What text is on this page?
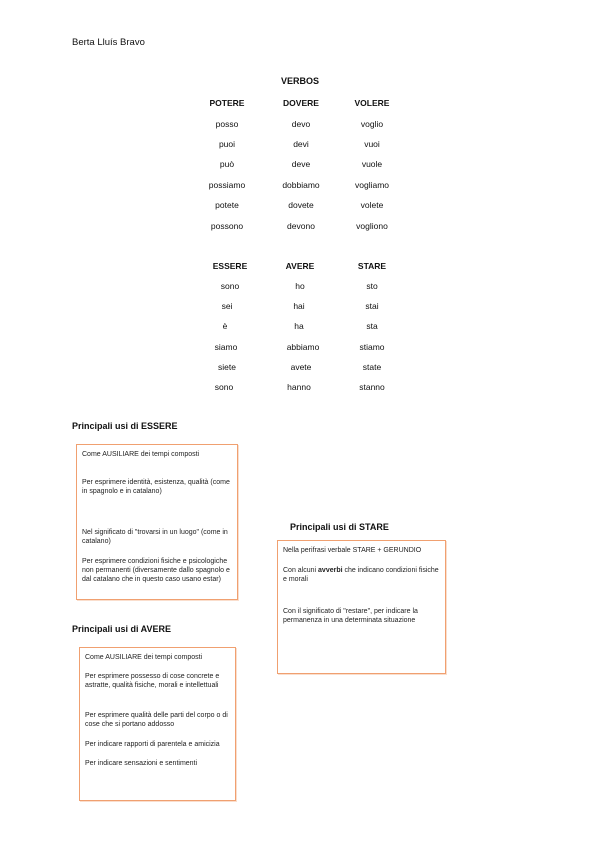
Berta Lluís Bravo
VERBOS
POTERE	DOVERE	VOLERE
posso	devo	voglio
puoi	devi	vuoi
può	deve	vuole
possiamo	dobbiamo	vogliamo
potete	dovete	volete
possono	devono	vogliono
ESSERE	AVERE	STARE
sono	ho	sto
sei	hai	stai
è	ha	sta
siamo	abbiamo	stiamo
siete	avete	state
sono	hanno	stanno
Principali usi di ESSERE
Come AUSILIARE dei tempi composti
Per esprimere identità, esistenza, qualità (come in spagnolo e in catalano)
Nel significato di "trovarsi in un luogo" (come in catalano)
Per esprimere condizioni fisiche e psicologiche non permanenti (diversamente dallo spagnolo e dal catalano che in questo caso usano estar)
Principali usi di STARE
Nella perifrasi verbale STARE + GERUNDIO
Con alcuni avverbi che indicano condizioni fisiche e morali
Con il significato di "restare", per indicare la permanenza in una determinata situazione
Principali usi di AVERE
Come AUSILIARE dei tempi composti
Per esprimere possesso di cose concrete e astratte, qualità fisiche, morali e intellettuali
Per esprimere qualità delle parti del corpo o di cose che si portano addosso
Per indicare rapporti di parentela e amicizia
Per indicare sensazioni e sentimenti
